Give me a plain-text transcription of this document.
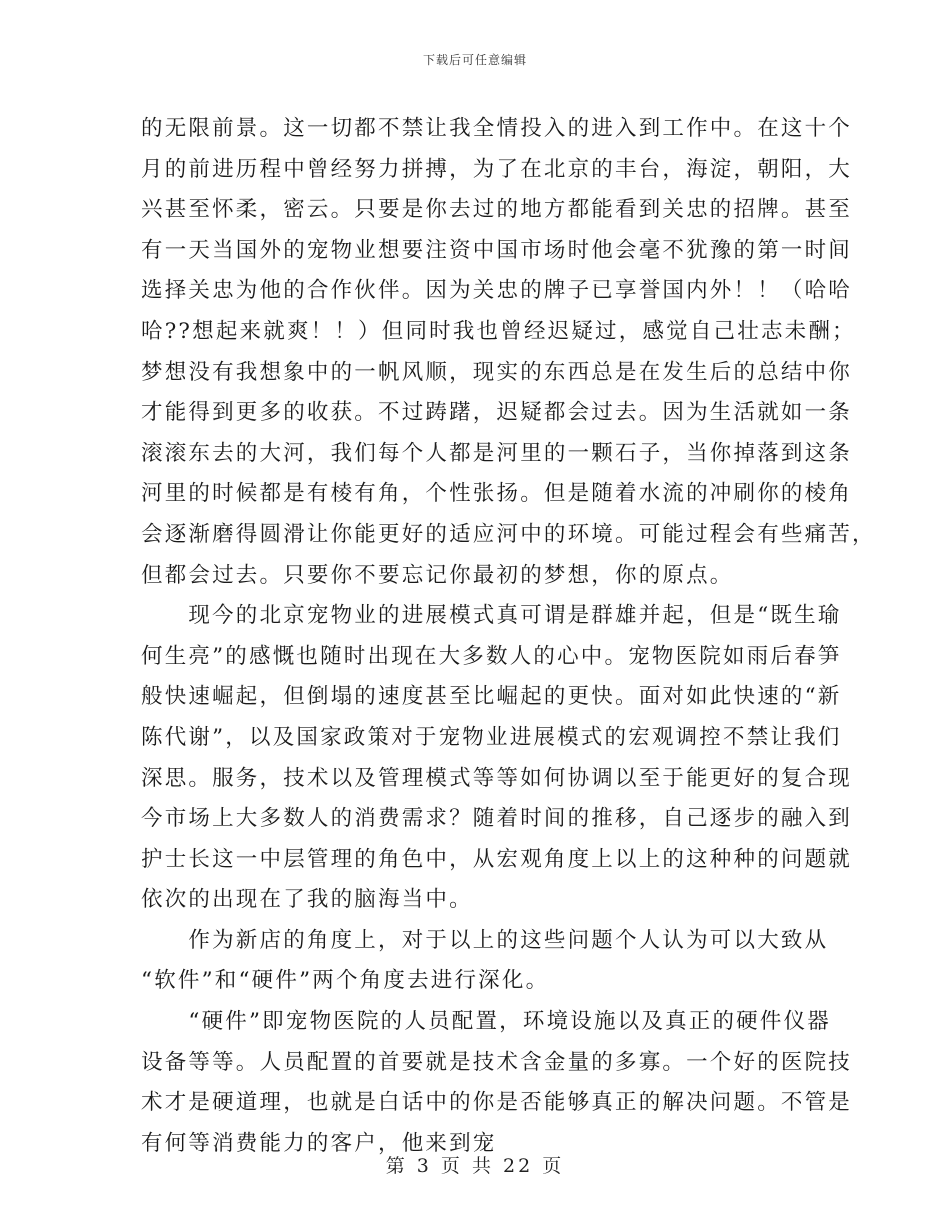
下载后可任意编辑
的无限前景。这一切都不禁让我全情投入的进入到工作中。在这十个
月的前进历程中曾经努力拼搏，为了在北京的丰台，海淀，朝阳，大
兴甚至怀柔，密云。只要是你去过的地方都能看到关忠的招牌。甚至
有一天当国外的宠物业想要注资中国市场时他会毫不犹豫的第一时间
选择关忠为他的合作伙伴。因为关忠的牌子已享誉国内外！！（哈哈
哈??想起来就爽！！）但同时我也曾经迟疑过，感觉自己壮志未酬；
梦想没有我想象中的一帆风顺，现实的东西总是在发生后的总结中你
才能得到更多的收获。不过踌躇，迟疑都会过去。因为生活就如一条
滚滚东去的大河，我们每个人都是河里的一颗石子，当你掉落到这条
河里的时候都是有棱有角，个性张扬。但是随着水流的冲刷你的棱角
会逐渐磨得圆滑让你能更好的适应河中的环境。可能过程会有些痛苦，
但都会过去。只要你不要忘记你最初的梦想，你的原点。
　　现今的北京宠物业的进展模式真可谓是群雄并起，但是“既生瑜
何生亮”的感慨也随时出现在大多数人的心中。宠物医院如雨后春笋
般快速崛起，但倒塌的速度甚至比崛起的更快。面对如此快速的“新
陈代谢”，以及国家政策对于宠物业进展模式的宏观调控不禁让我们
深思。服务，技术以及管理模式等等如何协调以至于能更好的复合现
今市场上大多数人的消费需求？随着时间的推移，自己逐步的融入到
护士长这一中层管理的角色中，从宏观角度上以上的这种种的问题就
依次的出现在了我的脑海当中。
　　作为新店的角度上，对于以上的这些问题个人认为可以大致从
“软件”和“硬件”两个角度去进行深化。
　　“硬件”即宠物医院的人员配置，环境设施以及真正的硬件仪器
设备等等。人员配置的首要就是技术含金量的多寡。一个好的医院技
术才是硬道理，也就是白话中的你是否能够真正的解决问题。不管是
有何等消费能力的客户，他来到宠
第 3 页 共 22 页
